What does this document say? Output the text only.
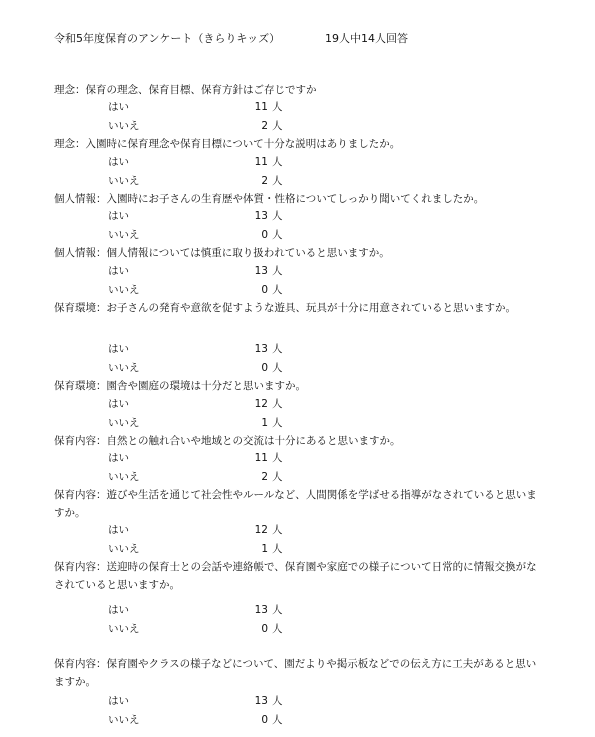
令和5年度保育のアンケート（きらりキッズ）	19人中14人回答
理念：保育の理念、保育目標、保育方針はご存じですか
はい	11 人
いいえ	2 人
理念：入園時に保育理念や保育目標について十分な説明はありましたか。
はい	11 人
いいえ	2 人
個人情報：入園時にお子さんの生育歴や体質・性格についてしっかり聞いてくれましたか。
はい	13 人
いいえ	0 人
個人情報：個人情報については慎重に取り扱われていると思いますか。
はい	13 人
いいえ	0 人
保育環境：お子さんの発育や意欲を促すような遊具、玩具が十分に用意されていると思いますか。
はい	13 人
いいえ	0 人
保育環境：園舎や園庭の環境は十分だと思いますか。
はい	12 人
いいえ	1 人
保育内容：自然との触れ合いや地域との交流は十分にあると思いますか。
はい	11 人
いいえ	2 人
保育内容：遊びや生活を通じて社会性やルールなど、人間関係を学ばせる指導がなされていると思いますか。
はい	12 人
いいえ	1 人
保育内容：送迎時の保育士との会話や連絡帳で、保育園や家庭での様子について日常的に情報交換がなされていると思いますか。
はい	13 人
いいえ	0 人
保育内容：保育園やクラスの様子などについて、園だよりや掲示板などでの伝え方に工夫があると思いますか。
はい	13 人
いいえ	0 人
